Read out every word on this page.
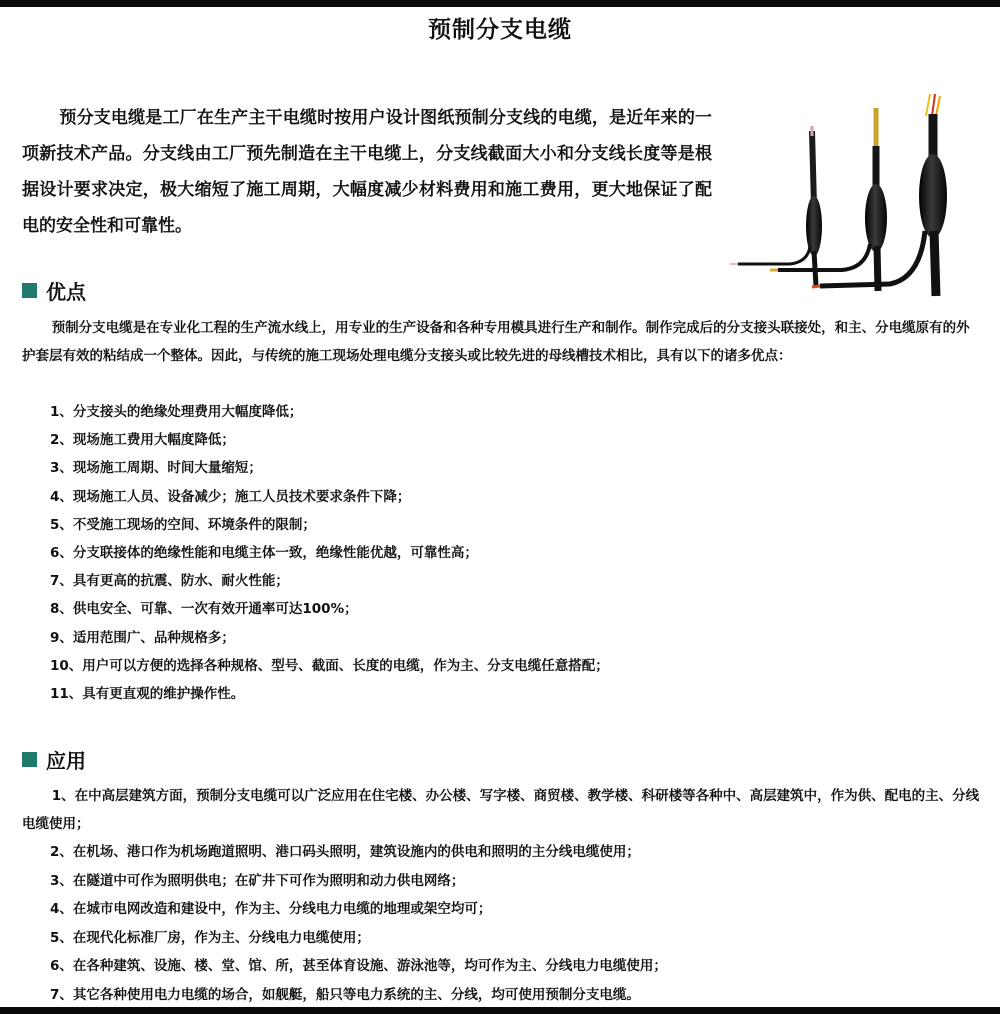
预制分支电缆

预分支电缆是工厂在生产主干电缆时按用户设计图纸预制分支线的电缆，是近年来的一项新技术产品。分支线由工厂预先制造在主干电缆上，分支线截面大小和分支线长度等是根据设计要求决定，极大缩短了施工周期，大幅度减少材料费用和施工费用，更大地保证了配电的安全性和可靠性。

优点

预制分支电缆是在专业化工程的生产流水线上，用专业的生产设备和各种专用模具进行生产和制作。制作完成后的分支接头联接处，和主、分电缆原有的外护套层有效的粘结成一个整体。因此，与传统的施工现场处理电缆分支接头或比较先进的母线槽技术相比，具有以下的诸多优点：

1、分支接头的绝缘处理费用大幅度降低；
2、现场施工费用大幅度降低；
3、现场施工周期、时间大量缩短；
4、现场施工人员、设备减少；施工人员技术要求条件下降；
5、不受施工现场的空间、环境条件的限制；
6、分支联接体的绝缘性能和电缆主体一致，绝缘性能优越，可靠性高；
7、具有更高的抗震、防水、耐火性能；
8、供电安全、可靠、一次有效开通率可达100%；
9、适用范围广、品种规格多；
10、用户可以方便的选择各种规格、型号、截面、长度的电缆，作为主、分支电缆任意搭配；
11、具有更直观的维护操作性。
应用

1、在中高层建筑方面，预制分支电缆可以广泛应用在住宅楼、办公楼、写字楼、商贸楼、教学楼、科研楼等各种中、高层建筑中，作为供、配电的主、分线电缆使用；

2、在机场、港口作为机场跑道照明、港口码头照明，建筑设施内的供电和照明的主分线电缆使用；
3、在隧道中可作为照明供电；在矿井下可作为照明和动力供电网络；
4、在城市电网改造和建设中，作为主、分线电力电缆的地理或架空均可；
5、在现代化标准厂房，作为主、分线电力电缆使用；
6、在各种建筑、设施、楼、堂、馆、所，甚至体育设施、游泳池等，均可作为主、分线电力电缆使用；
7、其它各种使用电力电缆的场合，如舰艇，船只等电力系统的主、分线，均可使用预制分支电缆。
